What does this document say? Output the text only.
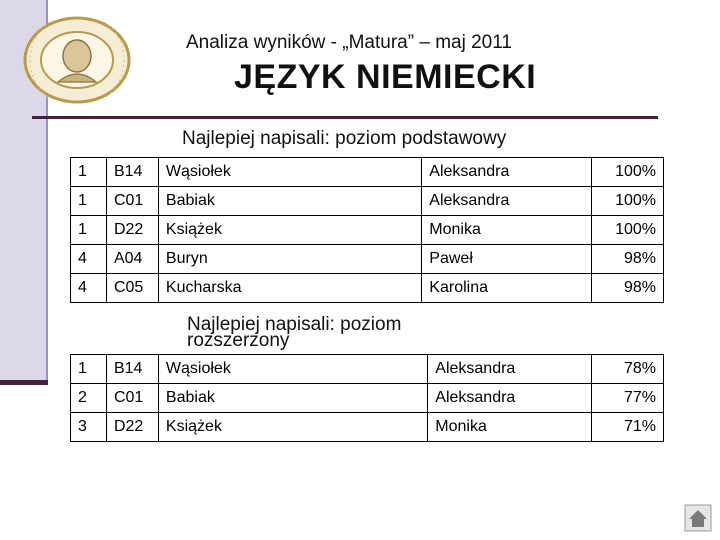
Analiza wyników - „Matura” – maj 2011
JĘZYK NIEMIECKI
Najlepiej napisali: poziom podstawowy
1	B14	Wąsiołek	Aleksandra	100%
1	C01	Babiak	Aleksandra	100%
1	D22	Książek	Monika	100%
4	A04	Buryn	Paweł	98%
4	C05	Kucharska	Karolina	98%
Najlepiej napisali: poziom
rozszerzony
1	B14	Wąsiołek	Aleksandra	78%
2	C01	Babiak	Aleksandra	77%
3	D22	Książek	Monika	71%
